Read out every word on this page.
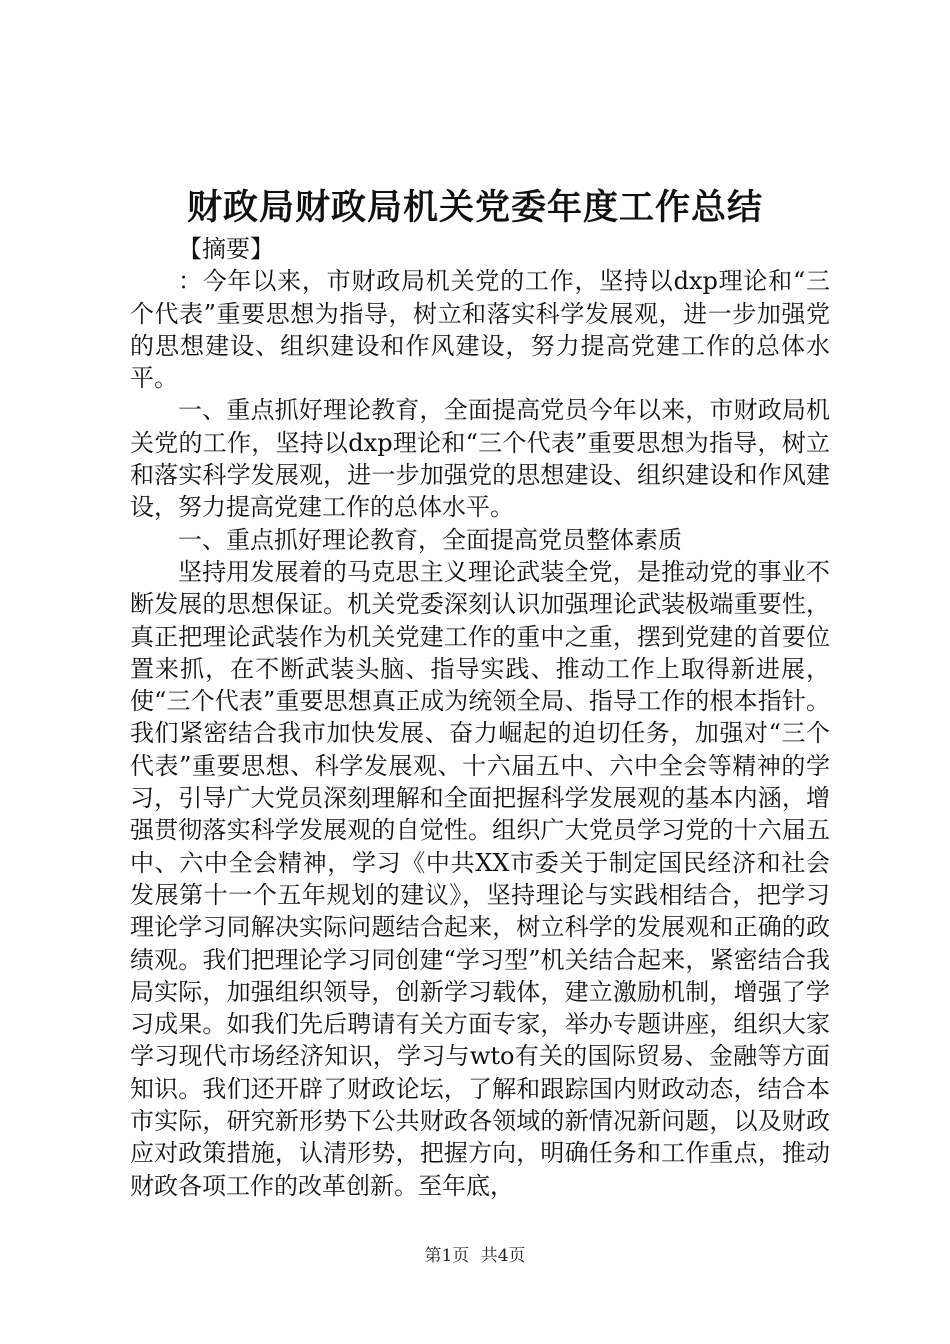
财政局财政局机关党委年度工作总结

【摘要】

：今年以来，市财政局机关党的工作，坚持以dxp理论和“三个代表”重要思想为指导，树立和落实科学发展观，进一步加强党的思想建设、组织建设和作风建设，努力提高党建工作的总体水平。

一、重点抓好理论教育，全面提高党员今年以来，市财政局机关党的工作，坚持以dxp理论和“三个代表”重要思想为指导，树立和落实科学发展观，进一步加强党的思想建设、组织建设和作风建设，努力提高党建工作的总体水平。

一、重点抓好理论教育，全面提高党员整体素质

坚持用发展着的马克思主义理论武装全党，是推动党的事业不断发展的思想保证。机关党委深刻认识加强理论武装极端重要性，真正把理论武装作为机关党建工作的重中之重，摆到党建的首要位置来抓，在不断武装头脑、指导实践、推动工作上取得新进展，使“三个代表”重要思想真正成为统领全局、指导工作的根本指针。我们紧密结合我市加快发展、奋力崛起的迫切任务，加强对“三个代表”重要思想、科学发展观、十六届五中、六中全会等精神的学习，引导广大党员深刻理解和全面把握科学发展观的基本内涵，增强贯彻落实科学发展观的自觉性。组织广大党员学习党的十六届五中、六中全会精神，学习《中共XX市委关于制定国民经济和社会发展第十一个五年规划的建议》，坚持理论与实践相结合，把学习理论学习同解决实际问题结合起来，树立科学的发展观和正确的政绩观。我们把理论学习同创建“学习型”机关结合起来，紧密结合我局实际，加强组织领导，创新学习载体，建立激励机制，增强了学习成果。如我们先后聘请有关方面专家，举办专题讲座，组织大家学习现代市场经济知识，学习与wto有关的国际贸易、金融等方面知识。我们还开辟了财政论坛，了解和跟踪国内财政动态，结合本市实际，研究新形势下公共财政各领域的新情况新问题，以及财政应对政策措施，认清形势，把握方向，明确任务和工作重点，推动财政各项工作的改革创新。至年底，

第1页 共4页
